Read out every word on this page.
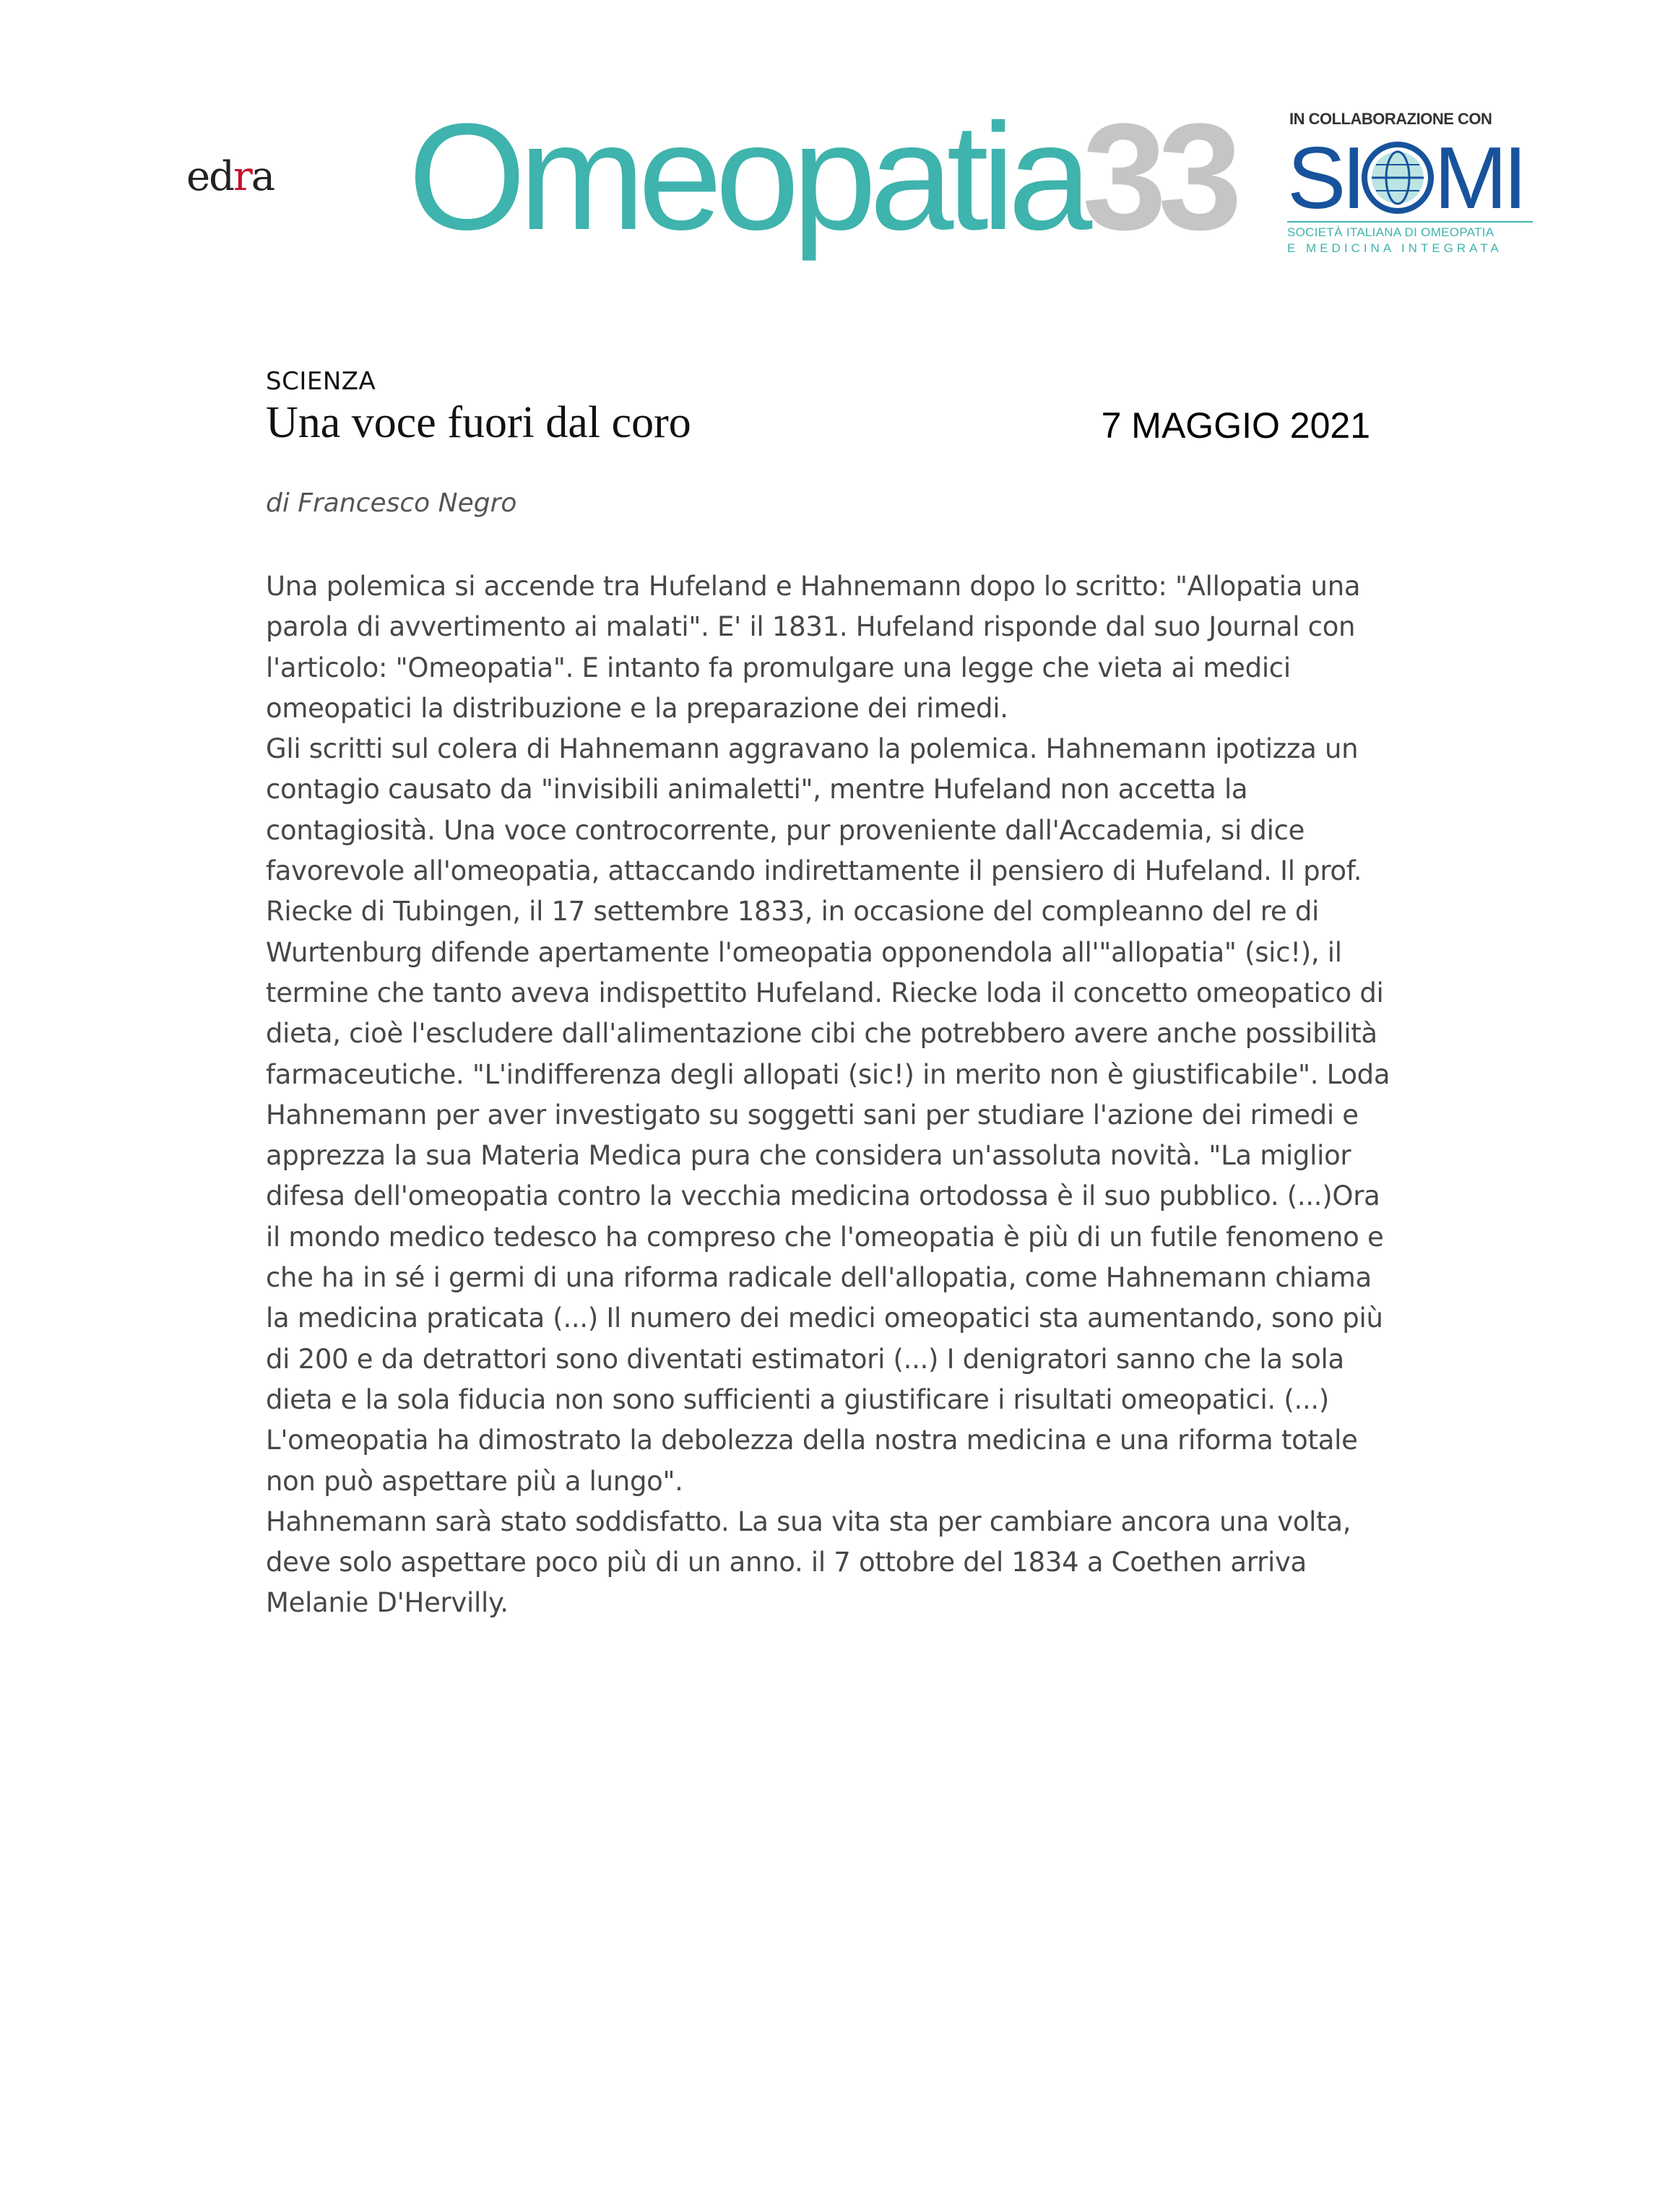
edra Omeopatia
33	IN COLLABORAZIONE CON
SI MI
SOCIETÀ ITALIANA DI OMEOPATIA
E MEDICINA INTEGRATA
SCIENZA
Una voce fuori dal coro	7 MAGGIO 2021
di Francesco Negro

Una polemica si accende tra Hufeland e Hahnemann dopo lo scritto: "Allopatia una parola di avvertimento ai malati". E' il 1831. Hufeland risponde dal suo Journal con l'articolo: "Omeopatia". E intanto fa promulgare una legge che vieta ai medici omeopatici la distribuzione e la preparazione dei rimedi.

Gli scritti sul colera di Hahnemann aggravano la polemica. Hahnemann ipotizza un contagio causato da "invisibili animaletti", mentre Hufeland non accetta la contagiosità. Una voce controcorrente, pur proveniente dall'Accademia, si dice favorevole all'omeopatia, attaccando indirettamente il pensiero di Hufeland. Il prof. Riecke di Tubingen, il 17 settembre 1833, in occasione del compleanno del re di Wurtenburg difende apertamente l'omeopatia opponendola all'"allopatia" (sic!), il termine che tanto aveva indispettito Hufeland. Riecke loda il concetto omeopatico di dieta, cioè l'escludere dall'alimentazione cibi che potrebbero avere anche possibilità farmaceutiche. "L'indifferenza degli allopati (sic!) in merito non è giustificabile". Loda Hahnemann per aver investigato su soggetti sani per studiare l'azione dei rimedi e apprezza la sua Materia Medica pura che considera un'assoluta novità. "La miglior difesa dell'omeopatia contro la vecchia medicina ortodossa è il suo pubblico. (...)Ora il mondo medico tedesco ha compreso che l'omeopatia è più di un futile fenomeno e che ha in sé i germi di una riforma radicale dell'allopatia, come Hahnemann chiama la medicina praticata (...) Il numero dei medici omeopatici sta aumentando, sono più di 200 e da detrattori sono diventati estimatori (...) I denigratori sanno che la sola dieta e la sola fiducia non sono sufficienti a giustificare i risultati omeopatici. (...) L'omeopatia ha dimostrato la debolezza della nostra medicina e una riforma totale non può aspettare più a lungo".

Hahnemann sarà stato soddisfatto. La sua vita sta per cambiare ancora una volta, deve solo aspettare poco più di un anno. il 7 ottobre del 1834 a Coethen arriva Melanie D'Hervilly.
